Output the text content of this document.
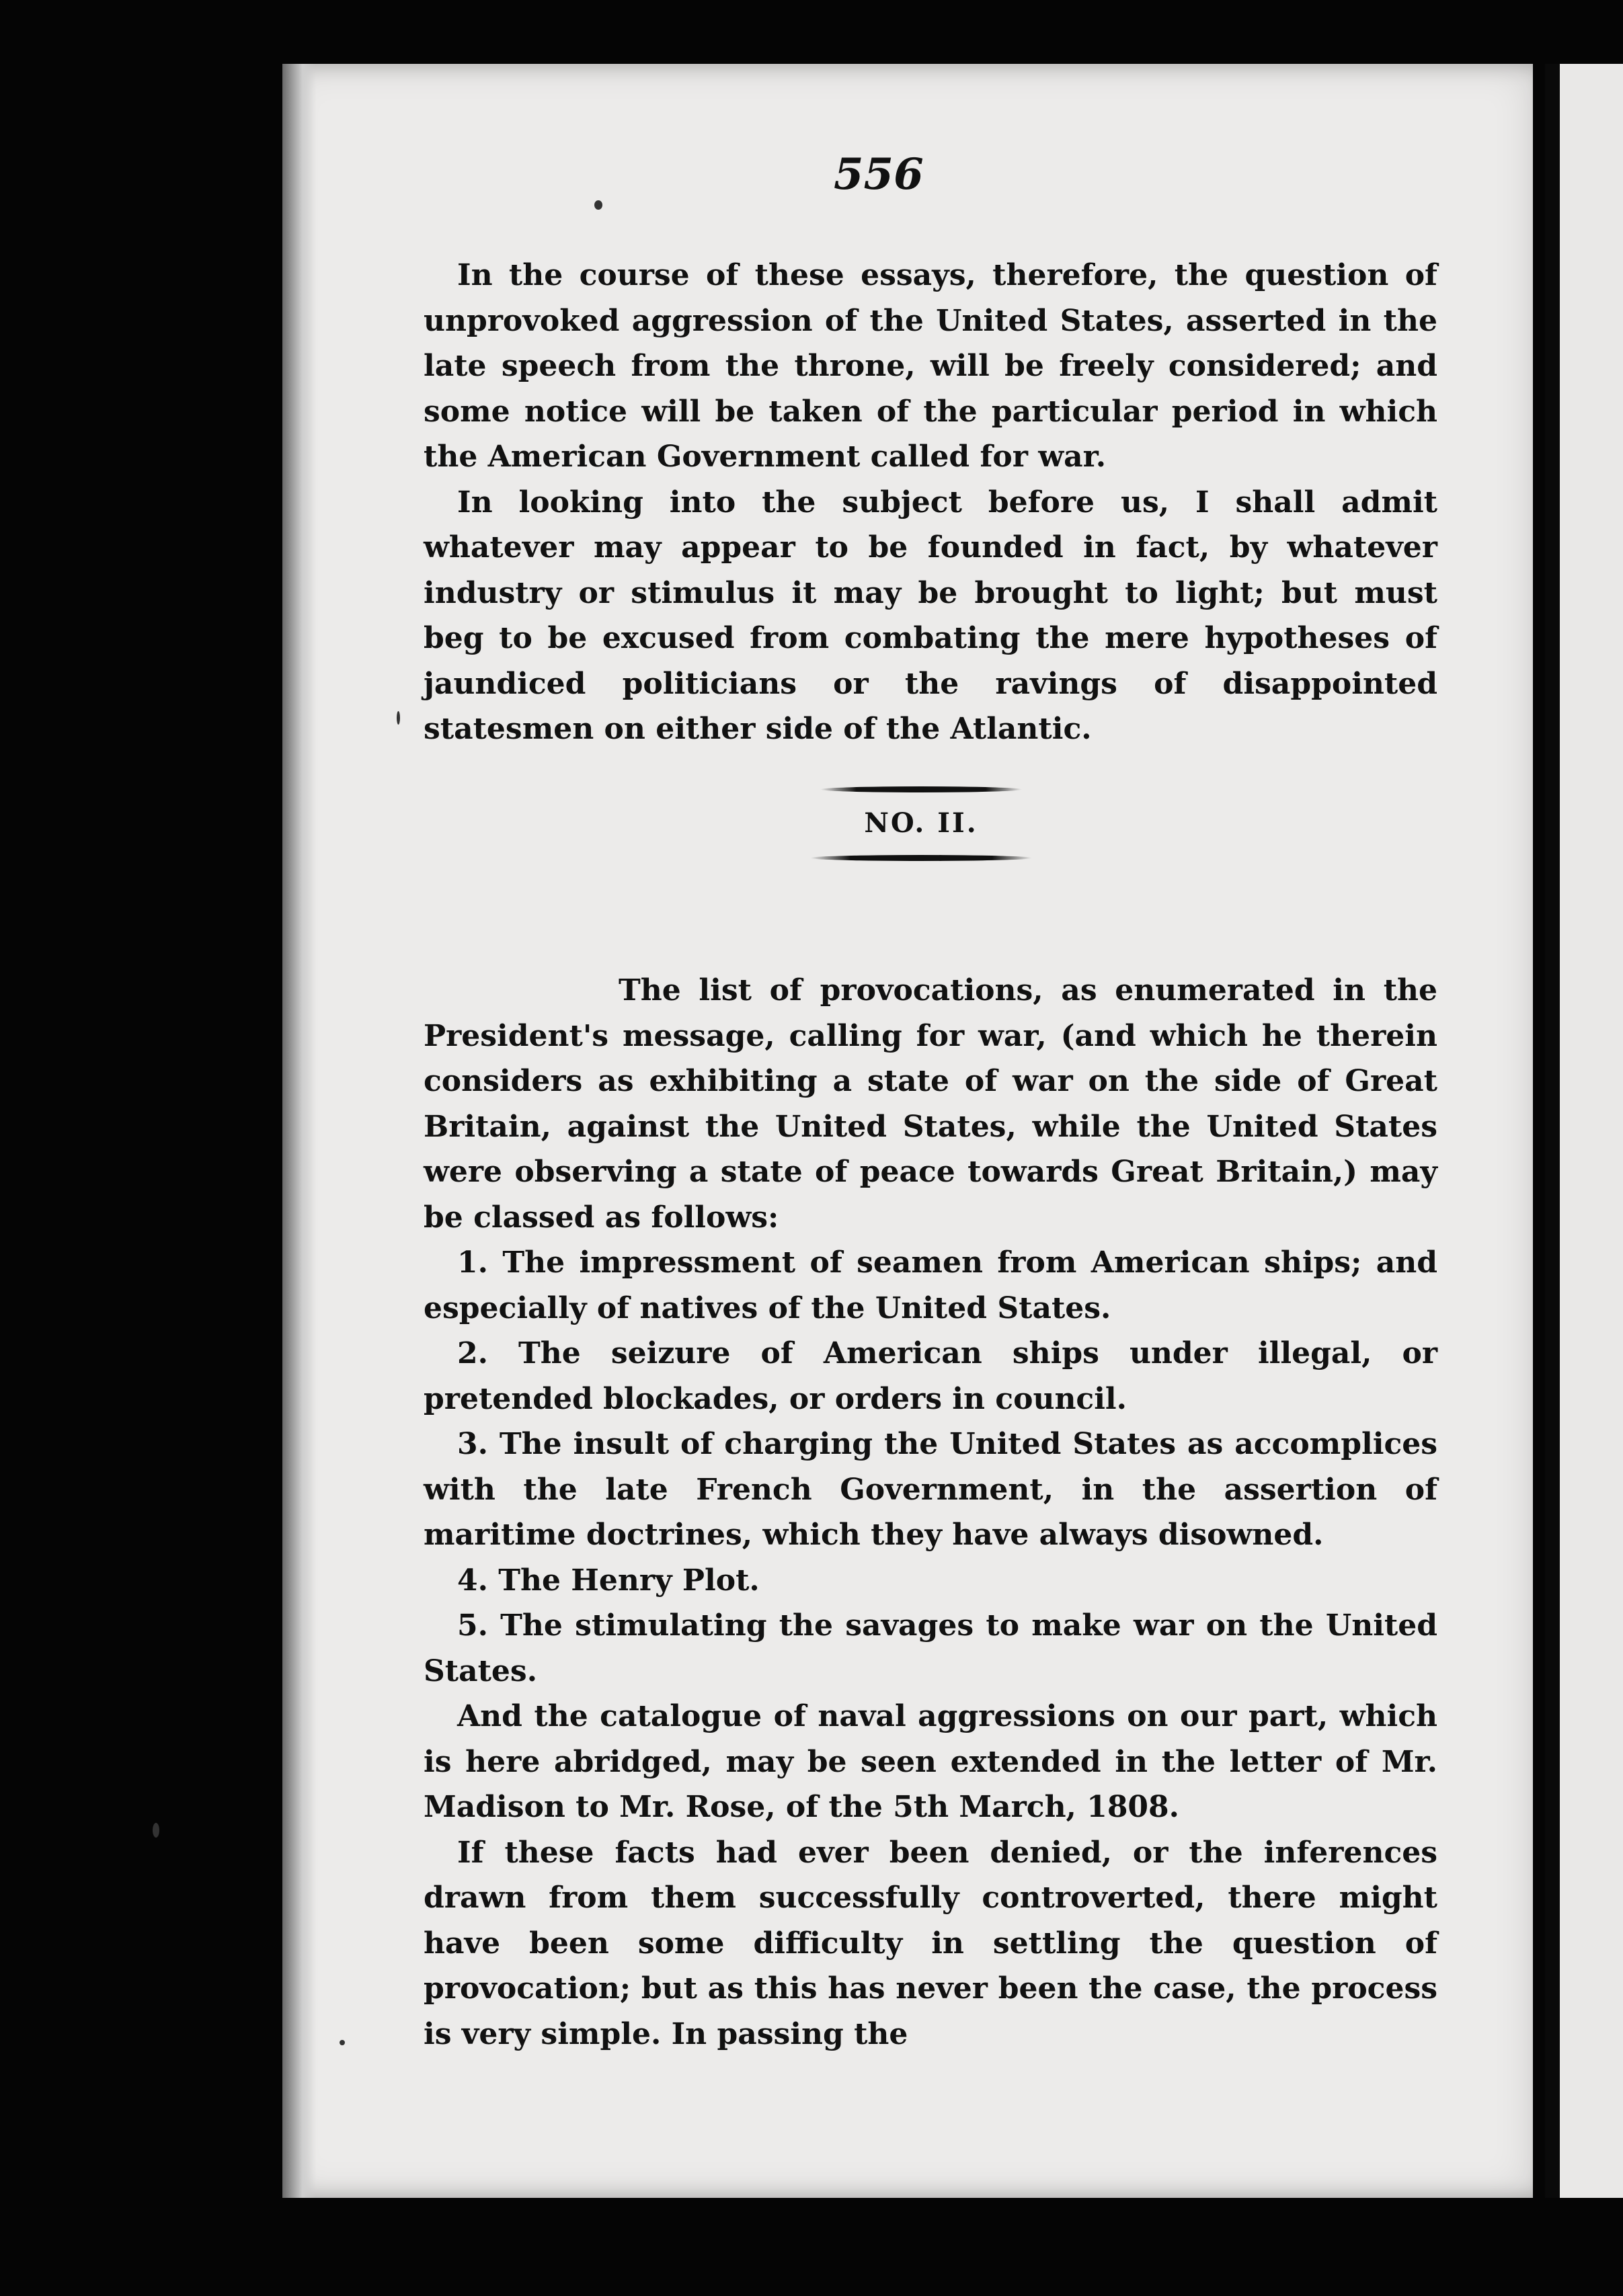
556

In the course of these essays, therefore, the question of unprovoked aggression of the United States, asserted in the late speech from the throne, will be freely considered; and some notice will be taken of the particular period in which the American Government called for war.

In looking into the subject before us, I shall admit whatever may appear to be founded in fact, by whatever industry or stimulus it may be brought to light; but must beg to be excused from combating the mere hypotheses of jaundiced politicians or the ravings of disappointed statesmen on either side of the Atlantic.

NO. II.

The list of provocations, as enumerated in the President's message, calling for war, (and which he therein considers as exhibiting a state of war on the side of Great Britain, against the United States, while the United States were observing a state of peace towards Great Britain,) may be classed as follows:

1. The impressment of seamen from American ships; and especially of natives of the United States.

2. The seizure of American ships under illegal, or pretended blockades, or orders in council.

3. The insult of charging the United States as accomplices with the late French Government, in the assertion of maritime doctrines, which they have always disowned.

4. The Henry Plot.

5. The stimulating the savages to make war on the United States.

And the catalogue of naval aggressions on our part, which is here abridged, may be seen extended in the letter of Mr. Madison to Mr. Rose, of the 5th March, 1808.

If these facts had ever been denied, or the inferences drawn from them successfully controverted, there might have been some difficulty in settling the question of provocation; but as this has never been the case, the process is very simple. In passing the
